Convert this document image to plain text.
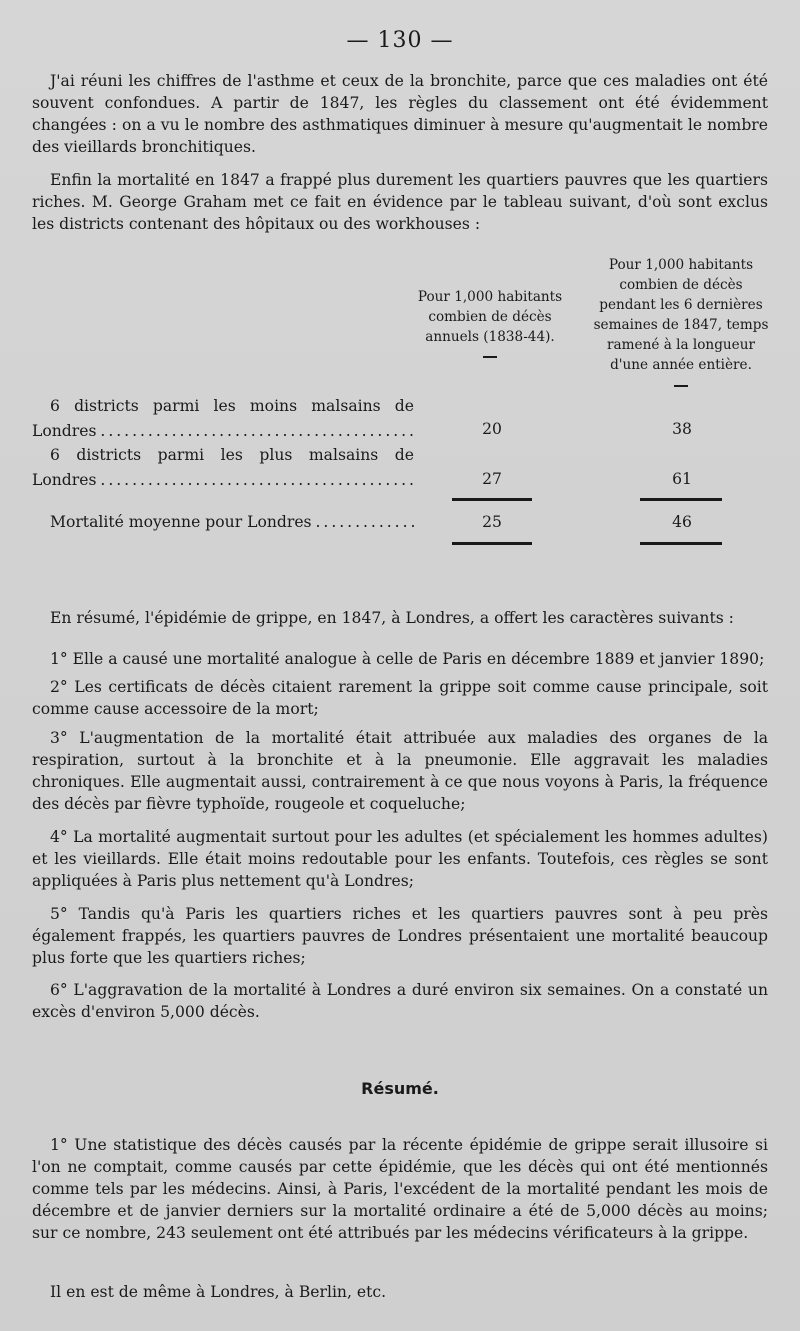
— 130 —

J'ai réuni les chiffres de l'asthme et ceux de la bronchite, parce que ces maladies ont été souvent confondues. A partir de 1847, les règles du classement ont été évidemment changées : on a vu le nombre des asthmatiques diminuer à mesure qu'augmentait le nombre des vieillards bronchitiques.

Enfin la mortalité en 1847 a frappé plus durement les quartiers pauvres que les quartiers riches. M. George Graham met ce fait en évidence par le tableau suivant, d'où sont exclus les districts contenant des hôpitaux ou des workhouses :

Pour 1,000 habitants combien de décès annuels (1838-44).

Pour 1,000 habitants combien de décès pendant les 6 dernières semaines de 1847, temps ramené à la longueur d'une année entière.

6 districts parmi les moins malsains de
Londres . . .	20	38
6 districts parmi les plus malsains de
Londres . . .	27	61
Mortalité moyenne pour Londres . . .	25	46

En résumé, l'épidémie de grippe, en 1847, à Londres, a offert les caractères suivants :

1° Elle a causé une mortalité analogue à celle de Paris en décembre 1889 et janvier 1890;

2° Les certificats de décès citaient rarement la grippe soit comme cause principale, soit comme cause accessoire de la mort;

3° L'augmentation de la mortalité était attribuée aux maladies des organes de la respiration, surtout à la bronchite et à la pneumonie. Elle aggravait les maladies chroniques. Elle augmentait aussi, contrairement à ce que nous voyons à Paris, la fréquence des décès par fièvre typhoïde, rougeole et coqueluche;

4° La mortalité augmentait surtout pour les adultes (et spécialement les hommes adultes) et les vieillards. Elle était moins redoutable pour les enfants. Toutefois, ces règles se sont appliquées à Paris plus nettement qu'à Londres;

5° Tandis qu'à Paris les quartiers riches et les quartiers pauvres sont à peu près également frappés, les quartiers pauvres de Londres présentaient une mortalité beaucoup plus forte que les quartiers riches;

6° L'aggravation de la mortalité à Londres a duré environ six semaines. On a constaté un excès d'environ 5,000 décès.

Résumé.

1° Une statistique des décès causés par la récente épidémie de grippe serait illusoire si l'on ne comptait, comme causés par cette épidémie, que les décès qui ont été mentionnés comme tels par les médecins. Ainsi, à Paris, l'excédent de la mortalité pendant les mois de décembre et de janvier derniers sur la mortalité ordinaire a été de 5,000 décès au moins; sur ce nombre, 243 seulement ont été attribués par les médecins vérificateurs à la grippe.

Il en est de même à Londres, à Berlin, etc.
